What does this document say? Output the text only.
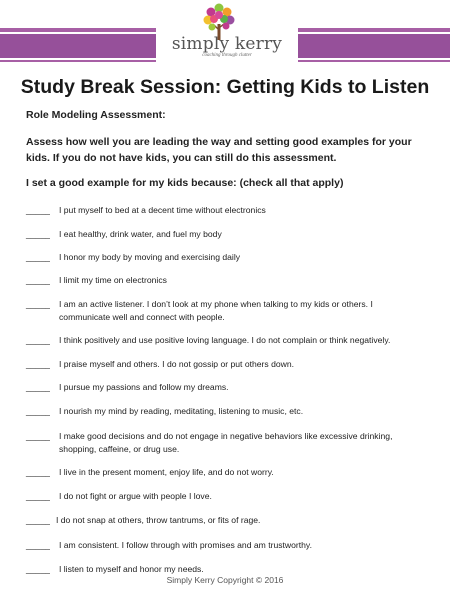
simply kerry
coaching through clutter
Study Break Session: Getting Kids to Listen

Role Modeling Assessment:

Assess how well you are leading the way and setting good examples for your kids. If you do not have kids, you can still do this assessment.

I set a good example for my kids because: (check all that apply)

_____	I put myself to bed at a decent time without electronics
_____	I eat healthy, drink water, and fuel my body
_____	I honor my body by moving and exercising daily
_____	I limit my time on electronics
_____	I am an active listener. I don’t look at my phone when talking to my kids or others. I communicate well and connect with people.
_____	I think positively and use positive loving language. I do not complain or think negatively.
_____	I praise myself and others. I do not gossip or put others down.
_____	I pursue my passions and follow my dreams.
_____	I nourish my mind by reading, meditating, listening to music, etc.
_____	I make good decisions and do not engage in negative behaviors like excessive drinking, shopping, caffeine, or drug use.
_____	I live in the present moment, enjoy life, and do not worry.
_____	I do not fight or argue with people I love.
_____ I do not snap at others, throw tantrums, or fits of rage.
_____	I am consistent. I follow through with promises and am trustworthy.
_____	I listen to myself and honor my needs.
Simply Kerry Copyright © 2016
